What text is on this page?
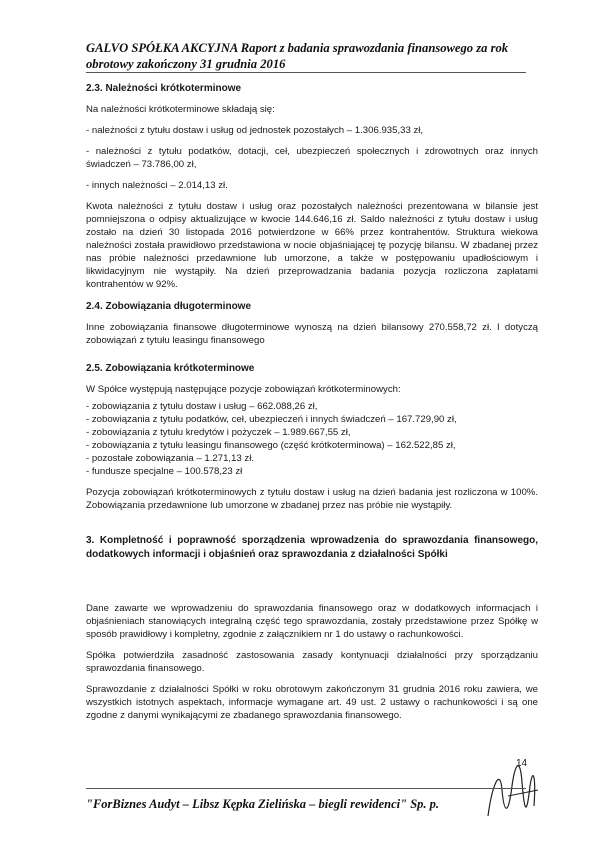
GALVO SPÓŁKA AKCYJNA Raport z badania sprawozdania finansowego za rok
obrotowy zakończony 31 grudnia 2016

2.3. Należności krótkoterminowe

Na należności krótkoterminowe składają się:

- należności z tytułu dostaw i usług od jednostek pozostałych – 1.306.935,33 zł,

- należności z tytułu podatków, dotacji, ceł, ubezpieczeń społecznych i zdrowotnych oraz innych świadczeń – 73.786,00 zł,

- innych należności – 2.014,13 zł.

Kwota należności z tytułu dostaw i usług oraz pozostałych należności prezentowana w bilansie jest pomniejszona o odpisy aktualizujące w kwocie 144.646,16 zł. Saldo należności z tytułu dostaw i usług zostało na dzień 30 listopada 2016 potwierdzone w 66% przez kontrahentów. Struktura wiekowa należności została prawidłowo przedstawiona w nocie objaśniającej tę pozycję bilansu. W zbadanej przez nas próbie należności przedawnione lub umorzone, a także w postępowaniu upadłościowym i likwidacyjnym nie wystąpiły. Na dzień przeprowadzania badania pozycja rozliczona zapłatami kontrahentów w 92%.

2.4. Zobowiązania długoterminowe

Inne zobowiązania finansowe długoterminowe wynoszą na dzień bilansowy 270.558,72 zł. I dotyczą zobowiązań z tytułu leasingu finansowego

2.5. Zobowiązania krótkoterminowe

W Spółce występują następujące pozycje zobowiązań krótkoterminowych:

- zobowiązania z tytułu dostaw i usług – 662.088,26 zł,

- zobowiązania z tytułu podatków, ceł, ubezpieczeń i innych świadczeń – 167.729,90 zł,

- zobowiązania z tytułu kredytów i pożyczek – 1.989.667,55 zł,

- zobowiązania z tytułu leasingu finansowego (część krótkoterminowa) – 162.522,85 zł,

- pozostałe zobowiązania – 1.271,13 zł.

- fundusze specjalne – 100.578,23 zł

Pozycja zobowiązań krótkoterminowych z tytułu dostaw i usług na dzień badania jest rozliczona w 100%. Zobowiązania przedawnione lub umorzone w zbadanej przez nas próbie nie wystąpiły.

3. Kompletność i poprawność sporządzenia wprowadzenia do sprawozdania finansowego, dodatkowych informacji i objaśnień oraz sprawozdania z działalności Spółki

Dane zawarte we wprowadzeniu do sprawozdania finansowego oraz w dodatkowych informacjach i objaśnieniach stanowiących integralną część tego sprawozdania, zostały przedstawione przez Spółkę w sposób prawidłowy i kompletny, zgodnie z załącznikiem nr 1 do ustawy o rachunkowości.

Spółka potwierdziła zasadność zastosowania zasady kontynuacji działalności przy sporządzaniu sprawozdania finansowego.

Sprawozdanie z działalności Spółki w roku obrotowym zakończonym 31 grudnia 2016 roku zawiera, we wszystkich istotnych aspektach, informacje wymagane art. 49 ust. 2 ustawy o rachunkowości i są one zgodne z danymi wynikającymi ze zbadanego sprawozdania finansowego.

14
"ForBiznes Audyt – Libsz Kępka Zielińska – biegli rewidenci" Sp. p.
